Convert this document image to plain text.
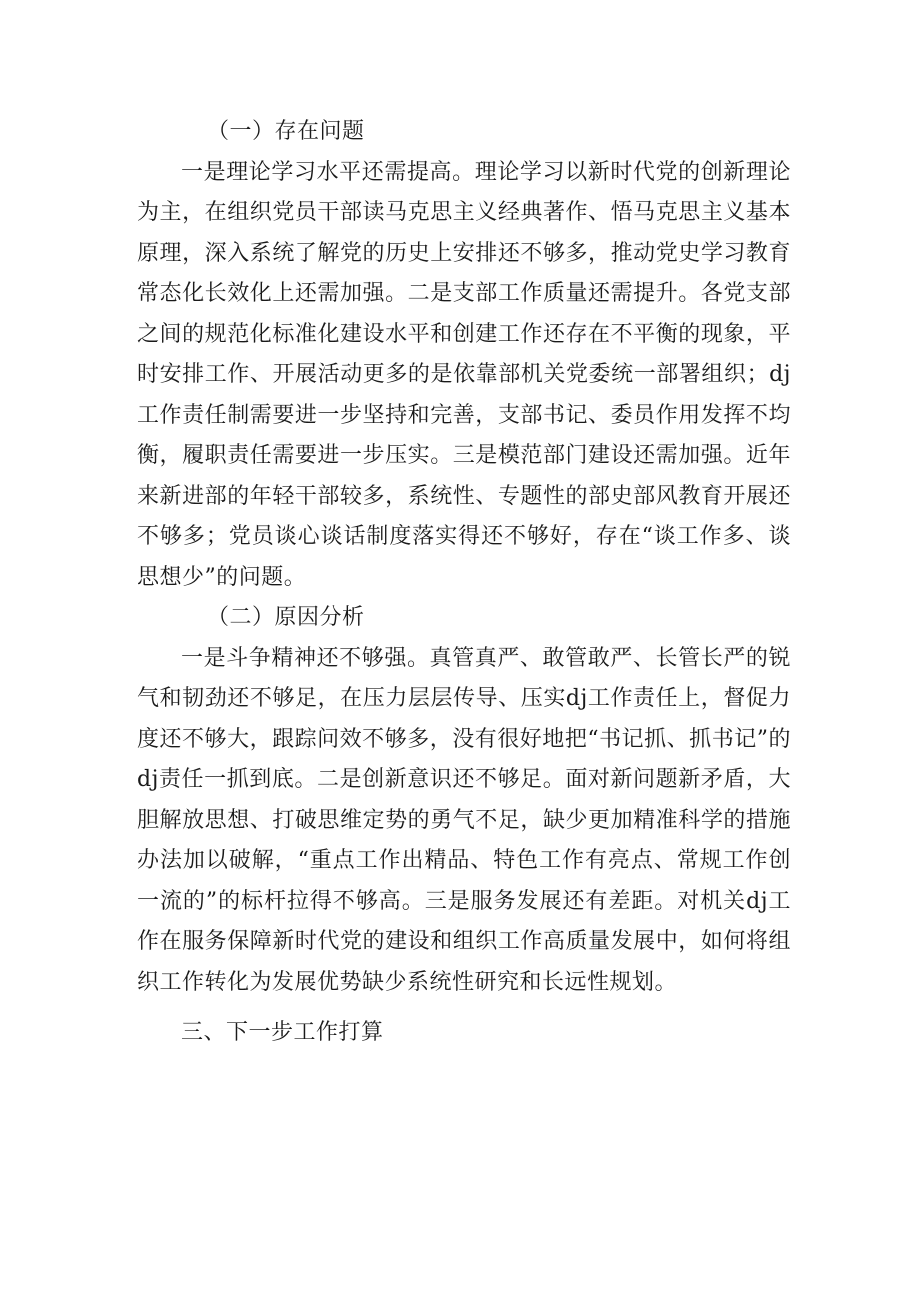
（一）存在问题

一是理论学习水平还需提高。理论学习以新时代党的创新理论为主，在组织党员干部读马克思主义经典著作、悟马克思主义基本原理，深入系统了解党的历史上安排还不够多，推动党史学习教育常态化长效化上还需加强。二是支部工作质量还需提升。各党支部之间的规范化标准化建设水平和创建工作还存在不平衡的现象，平时安排工作、开展活动更多的是依靠部机关党委统一部署组织；dj工作责任制需要进一步坚持和完善，支部书记、委员作用发挥不均衡，履职责任需要进一步压实。三是模范部门建设还需加强。近年来新进部的年轻干部较多，系统性、专题性的部史部风教育开展还不够多；党员谈心谈话制度落实得还不够好，存在“谈工作多、谈思想少”的问题。

（二）原因分析

一是斗争精神还不够强。真管真严、敢管敢严、长管长严的锐气和韧劲还不够足，在压力层层传导、压实dj工作责任上，督促力度还不够大，跟踪问效不够多，没有很好地把“书记抓、抓书记”的dj责任一抓到底。二是创新意识还不够足。面对新问题新矛盾，大胆解放思想、打破思维定势的勇气不足，缺少更加精准科学的措施办法加以破解，“重点工作出精品、特色工作有亮点、常规工作创一流的”的标杆拉得不够高。三是服务发展还有差距。对机关dj工作在服务保障新时代党的建设和组织工作高质量发展中，如何将组织工作转化为发展优势缺少系统性研究和长远性规划。

三、下一步工作打算
